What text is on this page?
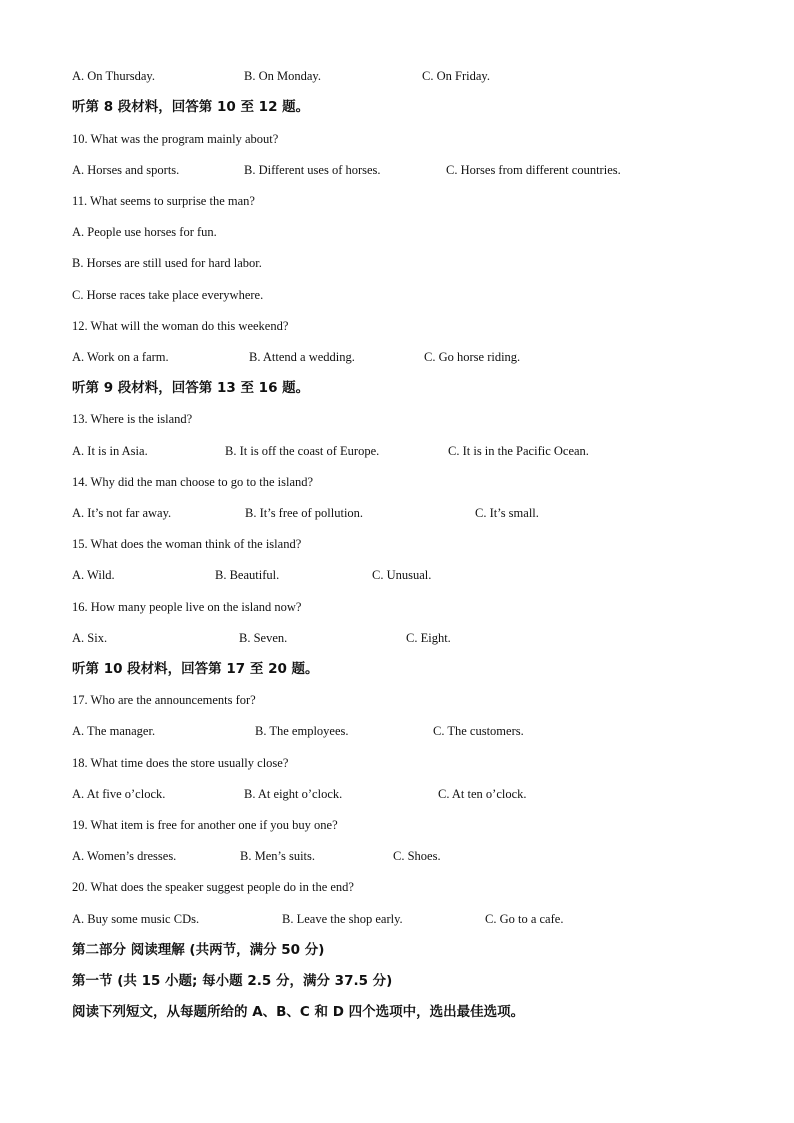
A. On Thursday.	B. On Monday.	C. On Friday.
听第 8 段材料，回答第 10 至 12 题。
10. What was the program mainly about?
A. Horses and sports.	B. Different uses of horses.	C. Horses from different countries.
11. What seems to surprise the man?
A. People use horses for fun.
B. Horses are still used for hard labor.
C. Horse races take place everywhere.
12. What will the woman do this weekend?
A. Work on a farm.	B. Attend a wedding.	C. Go horse riding.
听第 9 段材料，回答第 13 至 16 题。
13. Where is the island?
A. It is in Asia.	B. It is off the coast of Europe.	C. It is in the Pacific Ocean.
14. Why did the man choose to go to the island?
A. It’s not far away.	B. It’s free of pollution.	C. It’s small.
15. What does the woman think of the island?
A. Wild.	B. Beautiful.	C. Unusual.
16. How many people live on the island now?
A. Six.	B. Seven.	C. Eight.
听第 10 段材料，回答第 17 至 20 题。
17. Who are the announcements for?
A. The manager.	B. The employees.	C. The customers.
18. What time does the store usually close?
A. At five o’clock.	B. At eight o’clock.	C. At ten o’clock.
19. What item is free for another one if you buy one?
A. Women’s dresses.	B. Men’s suits.	C. Shoes.
20. What does the speaker suggest people do in the end?
A. Buy some music CDs.	B. Leave the shop early.	C. Go to a cafe.
第二部分 阅读理解 (共两节，满分 50 分)
第一节 (共 15 小题; 每小题 2.5 分，满分 37.5 分)
阅读下列短文，从每题所给的 A、B、C 和 D 四个选项中，选出最佳选项。
